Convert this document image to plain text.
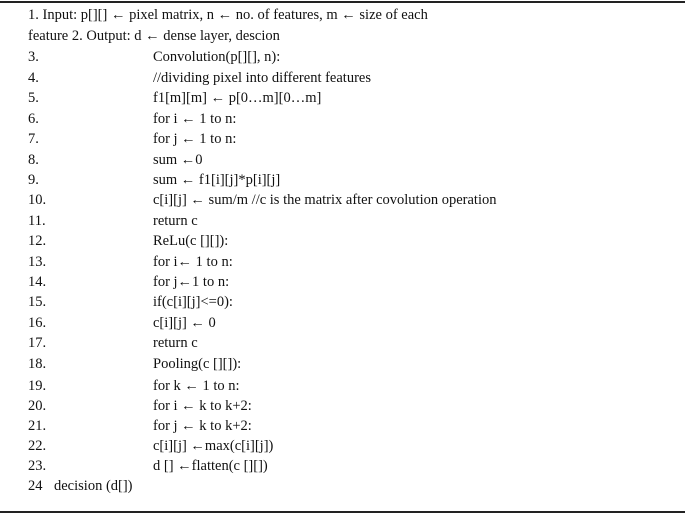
1. Input: p[][] ← pixel matrix, n ← no. of features, m ← size of each
feature 2. Output: d ← dense layer, descion
3.	Convolution(p[][], n):
4.	//dividing pixel into different features
5.	f1[m][m] ← p[0…m][0…m]
6.	for i ← 1 to n:
7.	for j ← 1 to n:
8.	sum ←0
9.	sum ← f1[i][j]*p[i][j]
10.	c[i][j] ← sum/m //c is the matrix after covolution operation
11.	return c
12.	ReLu(c [][]):
13.	for i← 1 to n:
14.	for j←1 to n:
15.	if(c[i][j]<=0):
16.	c[i][j] ← 0
17.	return c
18.	Pooling(c [][]):
19.	for k ← 1 to n:
20.	for i ← k to k+2:
21.	for j ← k to k+2:
22.	c[i][j] ←max(c[i][j])
23.	d [] ←flatten(c [][])
24 decision (d[])
